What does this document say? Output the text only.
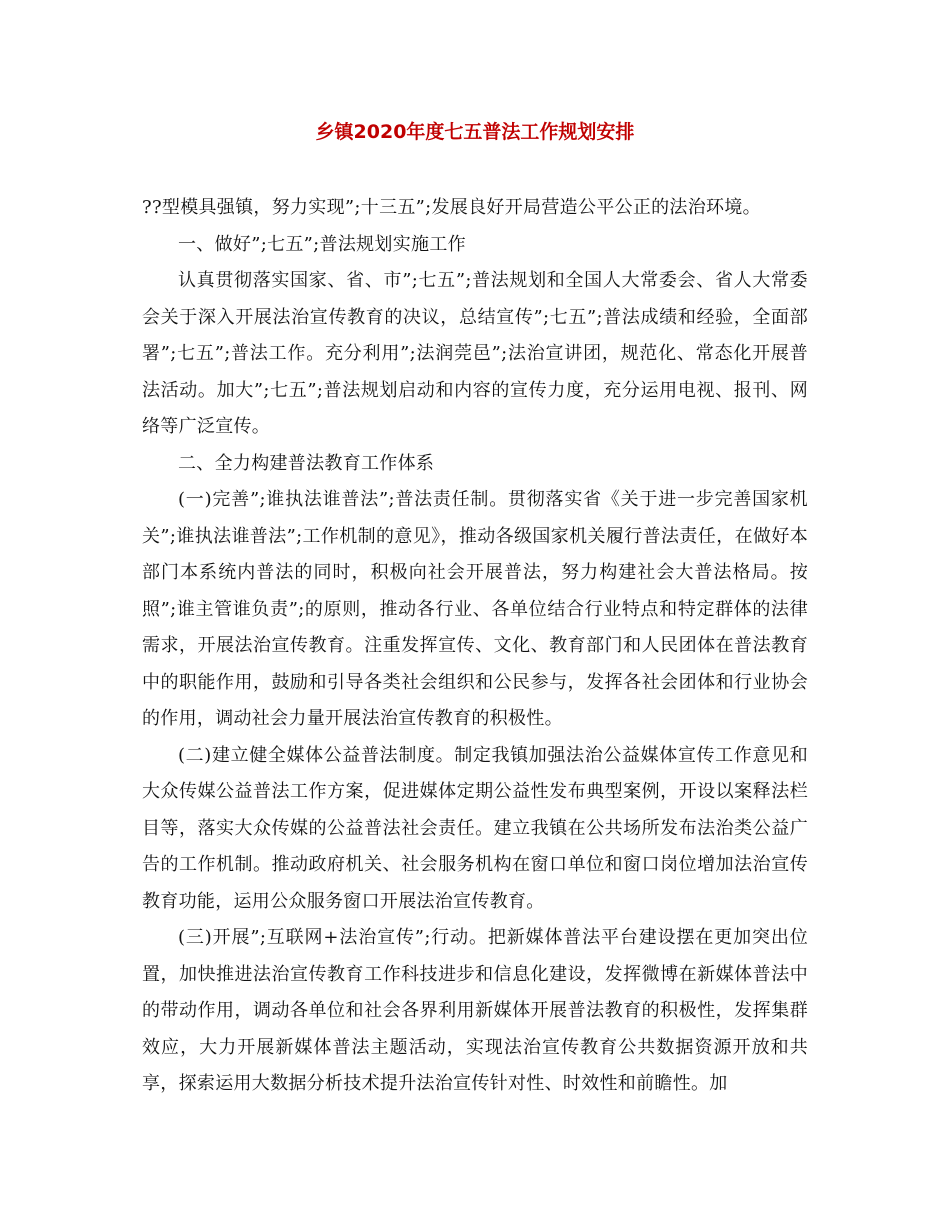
乡镇2020年度七五普法工作规划安排

??型模具强镇，努力实现”;十三五”;发展良好开局营造公平公正的法治环境。

一、做好”;七五”;普法规划实施工作

认真贯彻落实国家、省、市”;七五”;普法规划和全国人大常委会、省人大常委会关于深入开展法治宣传教育的决议，总结宣传”;七五”;普法成绩和经验，全面部署”;七五”;普法工作。充分利用”;法润莞邑”;法治宣讲团，规范化、常态化开展普法活动。加大”;七五”;普法规划启动和内容的宣传力度，充分运用电视、报刊、网络等广泛宣传。

二、全力构建普法教育工作体系

(一)完善”;谁执法谁普法”;普法责任制。贯彻落实省《关于进一步完善国家机关”;谁执法谁普法”;工作机制的意见》，推动各级国家机关履行普法责任，在做好本部门本系统内普法的同时，积极向社会开展普法，努力构建社会大普法格局。按照”;谁主管谁负责”;的原则，推动各行业、各单位结合行业特点和特定群体的法律需求，开展法治宣传教育。注重发挥宣传、文化、教育部门和人民团体在普法教育中的职能作用，鼓励和引导各类社会组织和公民参与，发挥各社会团体和行业协会的作用，调动社会力量开展法治宣传教育的积极性。

(二)建立健全媒体公益普法制度。制定我镇加强法治公益媒体宣传工作意见和大众传媒公益普法工作方案，促进媒体定期公益性发布典型案例，开设以案释法栏目等，落实大众传媒的公益普法社会责任。建立我镇在公共场所发布法治类公益广告的工作机制。推动政府机关、社会服务机构在窗口单位和窗口岗位增加法治宣传教育功能，运用公众服务窗口开展法治宣传教育。

(三)开展”;互联网+法治宣传”;行动。把新媒体普法平台建设摆在更加突出位置，加快推进法治宣传教育工作科技进步和信息化建设，发挥微博在新媒体普法中的带动作用，调动各单位和社会各界利用新媒体开展普法教育的积极性，发挥集群效应，大力开展新媒体普法主题活动，实现法治宣传教育公共数据资源开放和共享，探索运用大数据分析技术提升法治宣传针对性、时效性和前瞻性。加
